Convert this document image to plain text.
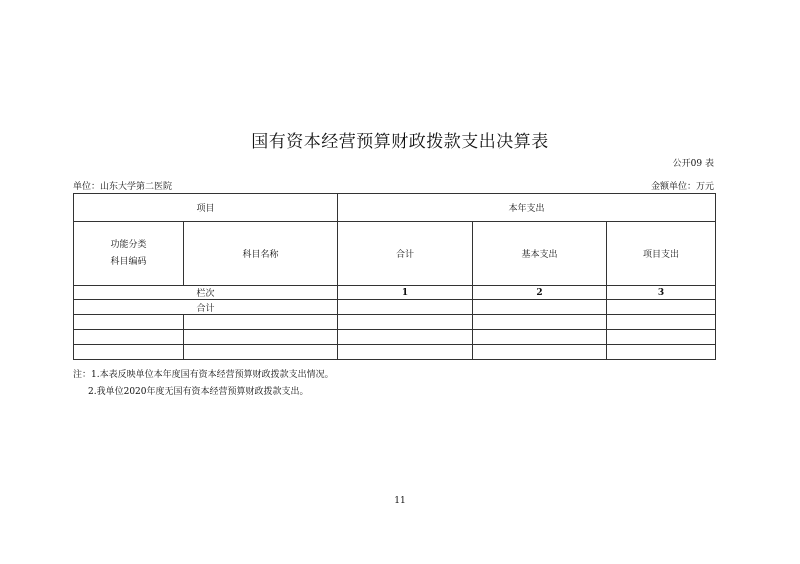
国有资本经营预算财政拨款支出决算表
公开09 表
单位：山东大学第二医院	金额单位：万元
项目		本年支出		

功能分类
科目编码	科目名称	合计	基本支出	项目支出
栏次		1	2	3
合计				

注：1.本表反映单位本年度国有资本经营预算财政拨款支出情况。
2.我单位2020年度无国有资本经营预算财政拨款支出。
11
